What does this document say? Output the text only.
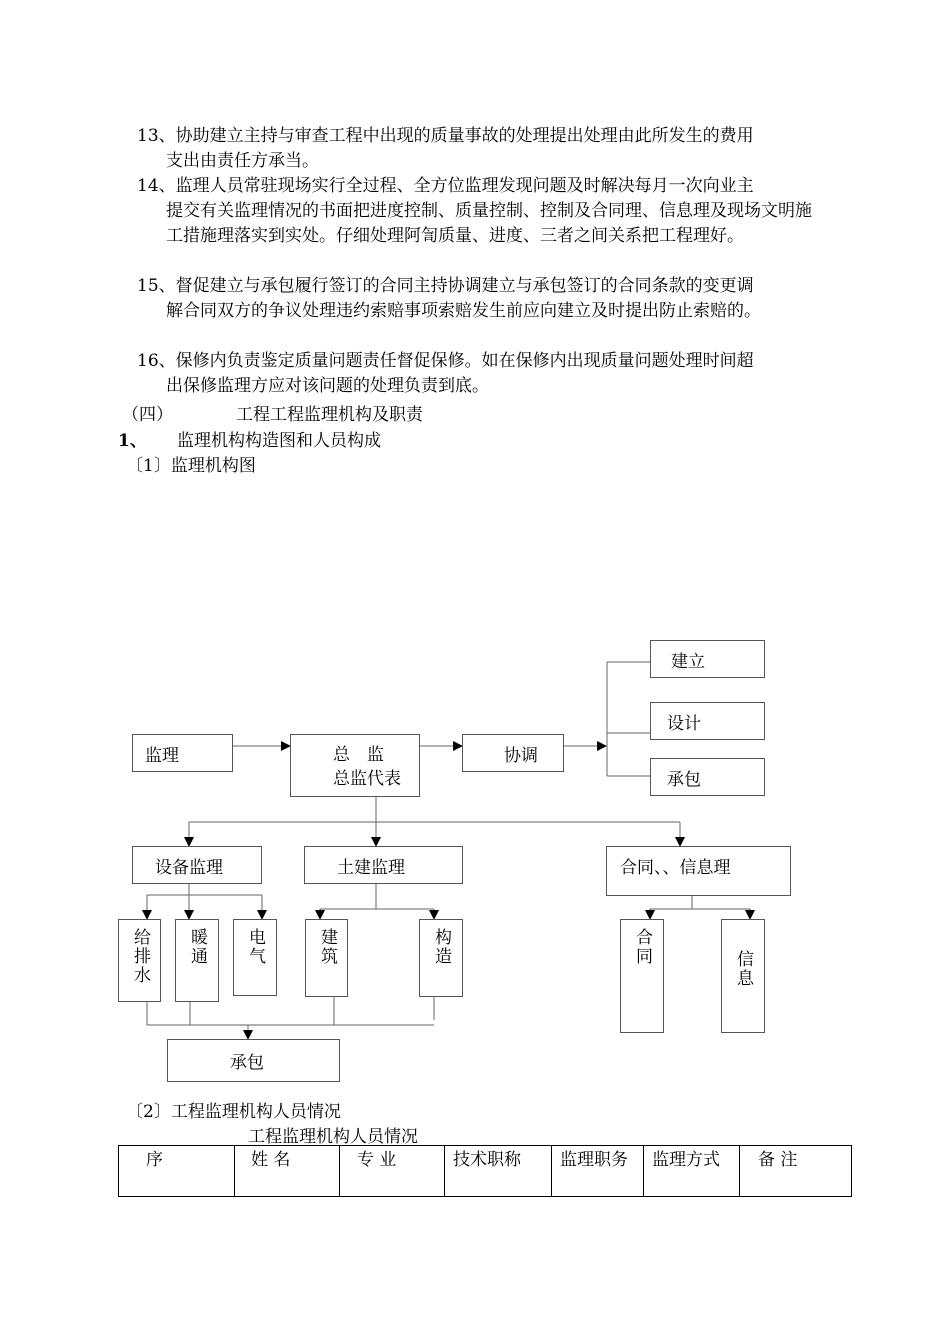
13、协助建立主持与审查工程中出现的质量事故的处理提出处理由此所发生的费用
支出由责任方承当。
14、监理人员常驻现场实行全过程、全方位监理发现问题及时解决每月一次向业主
提交有关监理情况的书面把进度控制、质量控制、控制及合同理、信息理及现场文明施工措施理落实到实处。仔细处理阿訇质量、进度、三者之间关系把工程理好。
15、督促建立与承包履行签订的合同主持协调建立与承包签订的合同条款的变更调
解合同双方的争议处理违约索赔事项索赔发生前应向建立及时提出防止索赔的。
16、保修内负责鉴定质量问题责任督促保修。如在保修内出现质量问题处理时间超
出保修监理方应对该问题的处理负责到底。
（四）	工程工程监理机构及职责
1、 监理机构构造图和人员构成
〔1〕监理机构图
监理	总　监
总监代表
协调
建立
设计
承包
设备监理	土建监理	合同、、信息理
给排水 暖通 电气	建筑	构造	合同
信息
承包
〔2〕工程监理机构人员情况
工程监理机构人员情况
序	姓 名	专 业	技术职称	监理职务	监理方式	备 注
